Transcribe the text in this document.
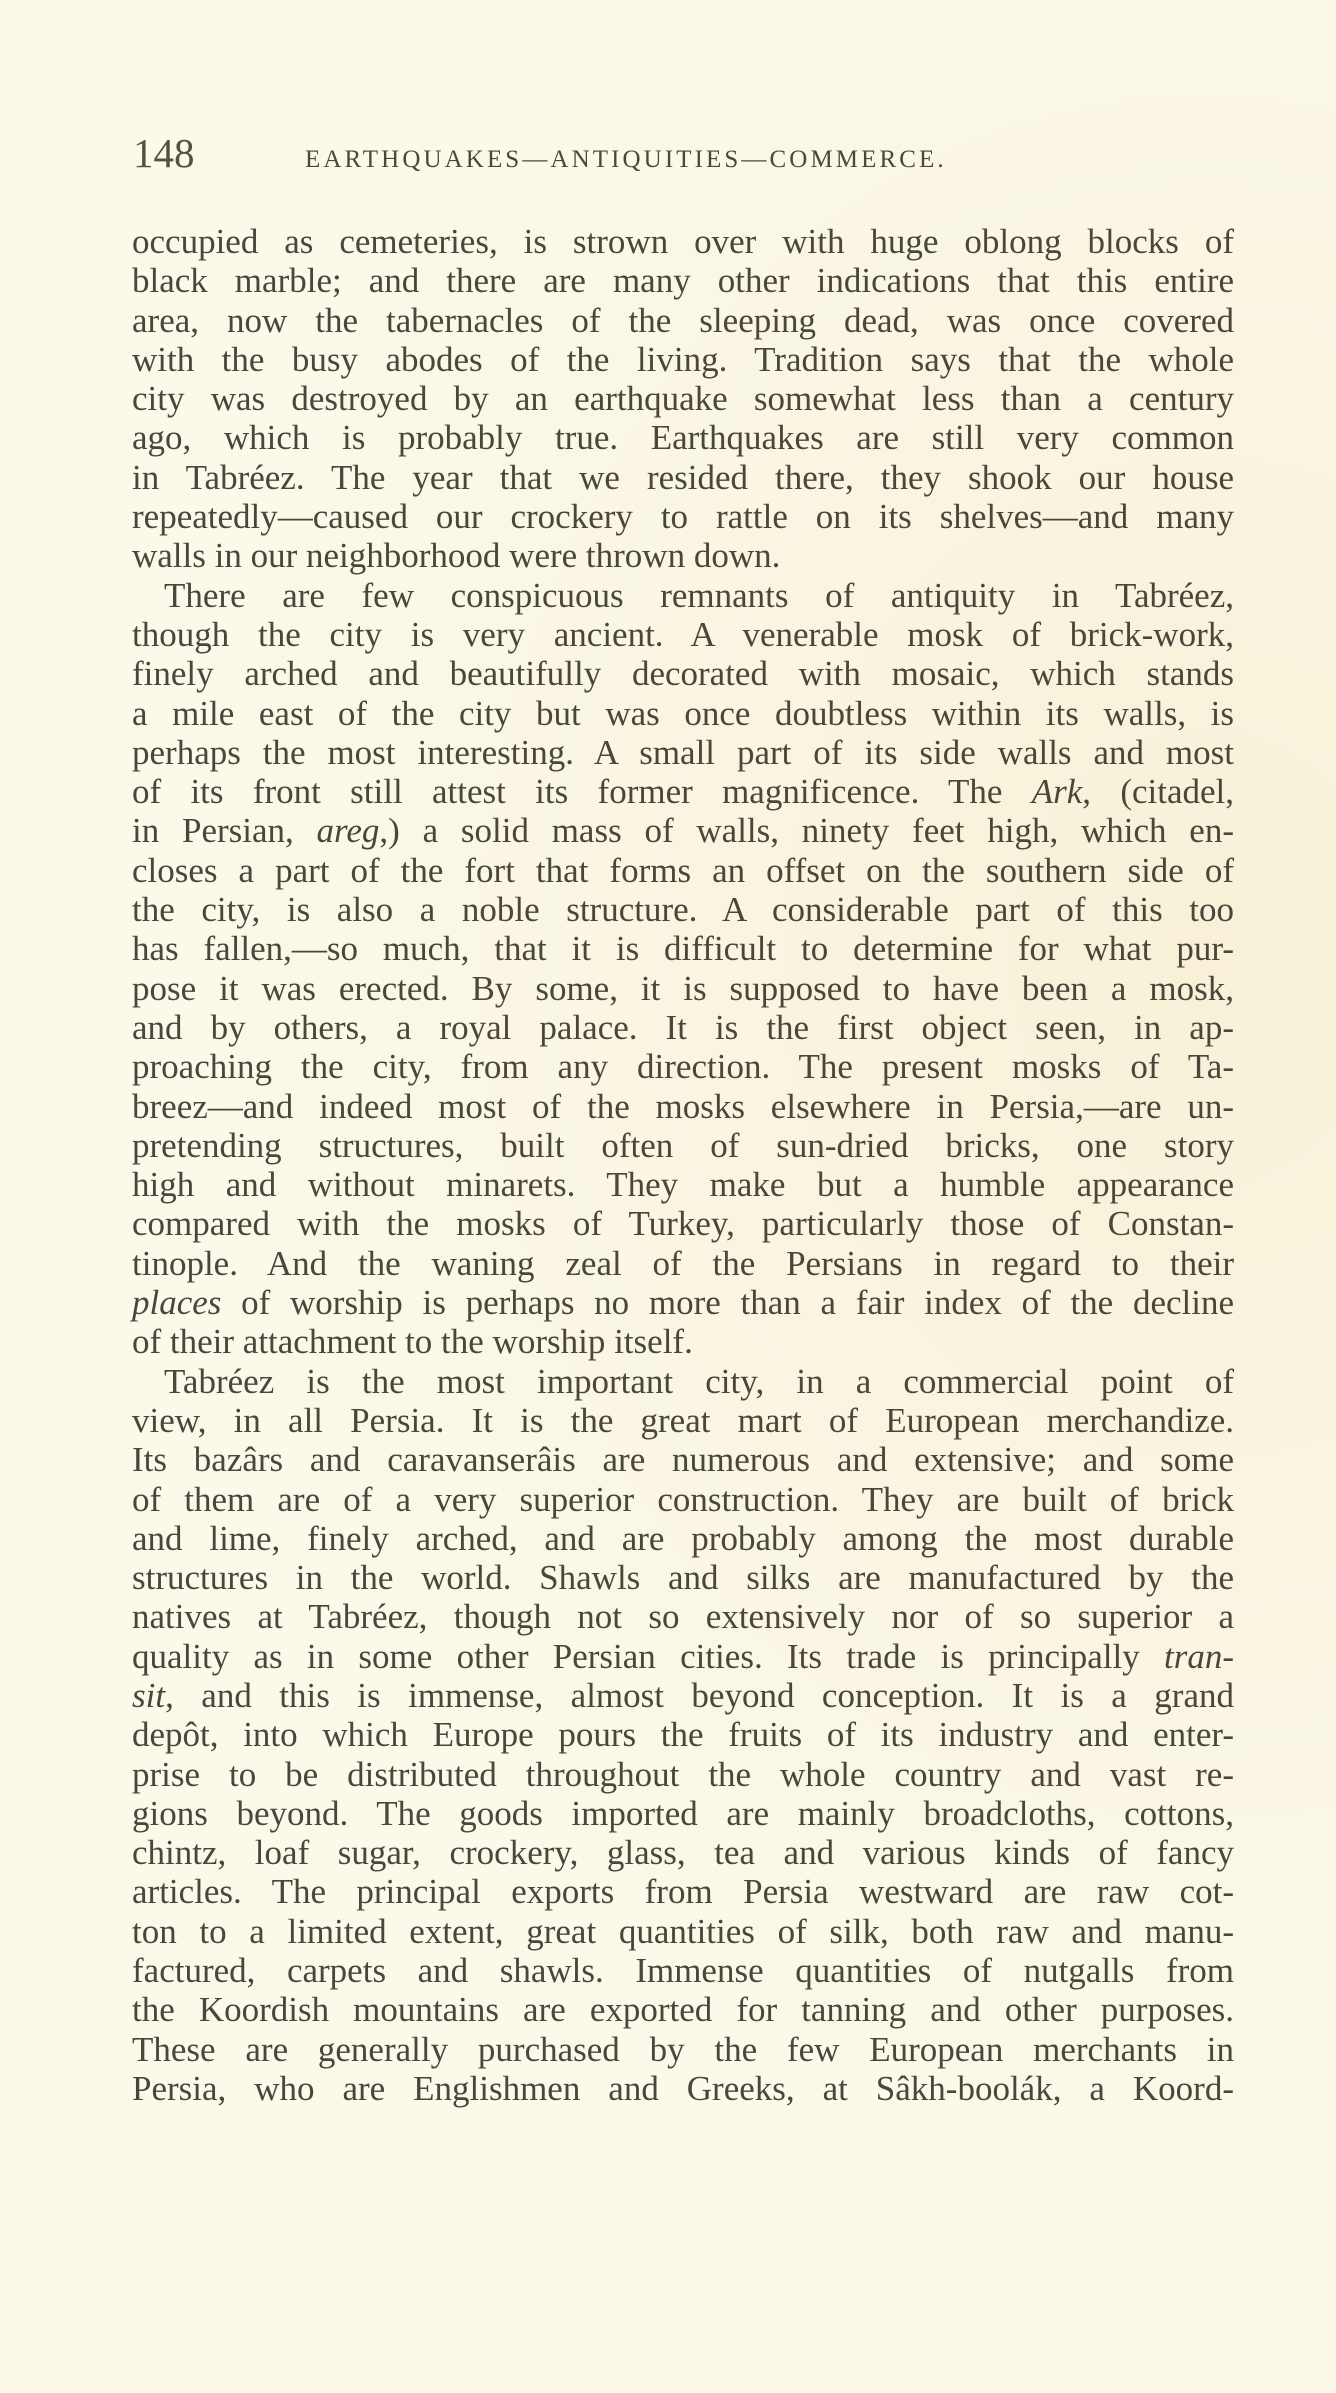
148	EARTHQUAKES—ANTIQUITIES—COMMERCE.
occupied as cemeteries, is strown over with huge oblong blocks of
black marble; and there are many other indications that this entire
area, now the tabernacles of the sleeping dead, was once covered
with the busy abodes of the living. Tradition says that the whole
city was destroyed by an earthquake somewhat less than a century
ago, which is probably true. Earthquakes are still very common
in Tabréez. The year that we resided there, they shook our house
repeatedly—caused our crockery to rattle on its shelves—and many
walls in our neighborhood were thrown down.
There are few conspicuous remnants of antiquity in Tabréez,
though the city is very ancient. A venerable mosk of brick-work,
finely arched and beautifully decorated with mosaic, which stands
a mile east of the city but was once doubtless within its walls, is
perhaps the most interesting. A small part of its side walls and most
of its front still attest its former magnificence. The Ark, (citadel,
in Persian, areg,) a solid mass of walls, ninety feet high, which en-
closes a part of the fort that forms an offset on the southern side of
the city, is also a noble structure. A considerable part of this too
has fallen,—so much, that it is difficult to determine for what pur-
pose it was erected. By some, it is supposed to have been a mosk,
and by others, a royal palace. It is the first object seen, in ap-
proaching the city, from any direction. The present mosks of Ta-
breez—and indeed most of the mosks elsewhere in Persia,—are un-
pretending structures, built often of sun-dried bricks, one story
high and without minarets. They make but a humble appearance
compared with the mosks of Turkey, particularly those of Constan-
tinople. And the waning zeal of the Persians in regard to their
places of worship is perhaps no more than a fair index of the decline
of their attachment to the worship itself.
Tabréez is the most important city, in a commercial point of
view, in all Persia. It is the great mart of European merchandize.
Its bazârs and caravanserâis are numerous and extensive; and some
of them are of a very superior construction. They are built of brick
and lime, finely arched, and are probably among the most durable
structures in the world. Shawls and silks are manufactured by the
natives at Tabréez, though not so extensively nor of so superior a
quality as in some other Persian cities. Its trade is principally tran-
sit, and this is immense, almost beyond conception. It is a grand
depôt, into which Europe pours the fruits of its industry and enter-
prise to be distributed throughout the whole country and vast re-
gions beyond. The goods imported are mainly broadcloths, cottons,
chintz, loaf sugar, crockery, glass, tea and various kinds of fancy
articles. The principal exports from Persia westward are raw cot-
ton to a limited extent, great quantities of silk, both raw and manu-
factured, carpets and shawls. Immense quantities of nutgalls from
the Koordish mountains are exported for tanning and other purposes.
These are generally purchased by the few European merchants in
Persia, who are Englishmen and Greeks, at Sâkh-boolák, a Koord-
